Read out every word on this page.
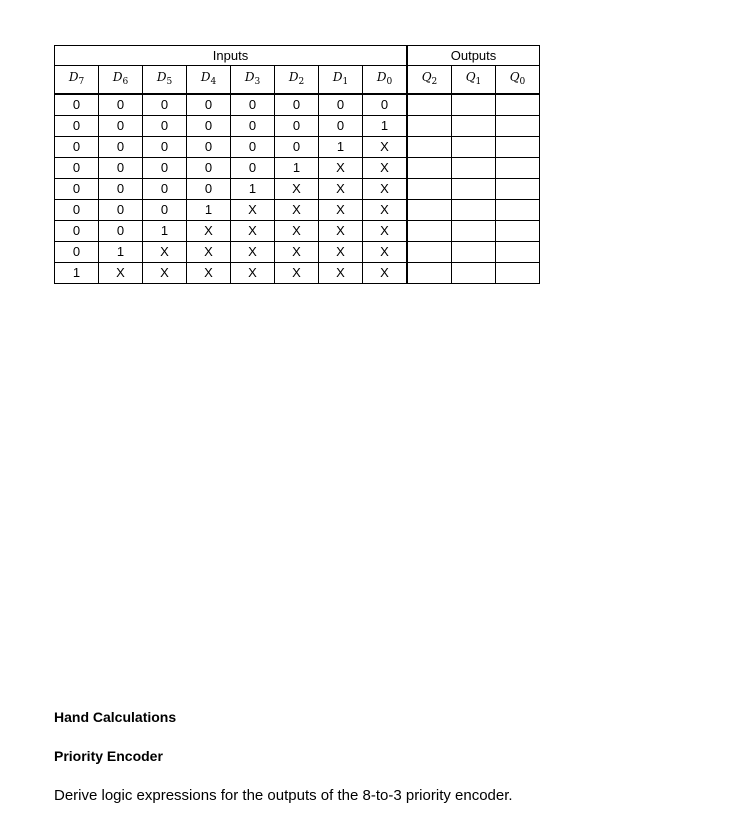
Inputs								Outputs		
$D_7$	$D_6$	$D_5$	$D_4$	$D_3$	$D_2$	$D_1$	$D_0$	$Q_2$	$Q_1$	$Q_0$
0	0	0	0	0	0	0	0			
0	0	0	0	0	0	0	1			
0	0	0	0	0	0	1	X			
0	0	0	0	0	1	X	X			
0	0	0	0	1	X	X	X			
0	0	0	1	X	X	X	X			
0	0	1	X	X	X	X	X			
0	1	X	X	X	X	X	X			
1	X	X	X	X	X	X	X			
Hand Calculations
Priority Encoder
Derive logic expressions for the outputs of the 8-to-3 priority encoder.
